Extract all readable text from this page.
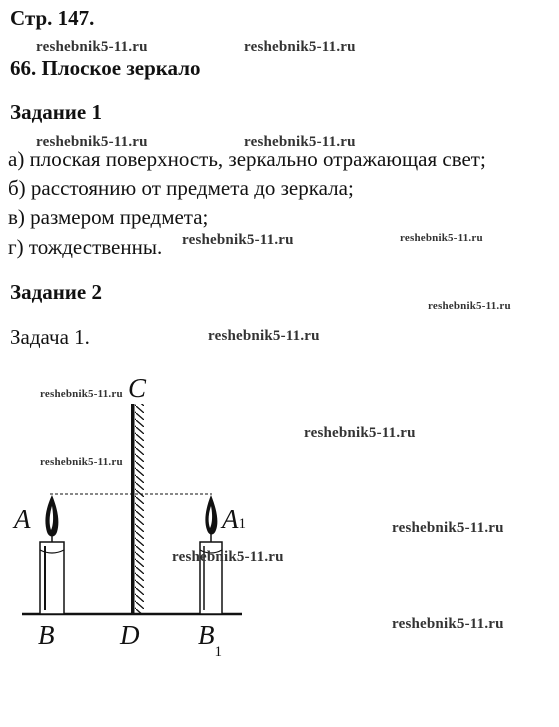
Стр. 147.
66. Плоское зеркало
Задание 1
а) плоская поверхность, зеркально отражающая свет;
б) расстоянию от предмета до зеркала;
в) размером предмета;
г) тождественны.
Задание 2
Задача 1.
C
A	A1
B D $B_1$
reshebnik5-11.ru	reshebnik5-11.ru
reshebnik5-11.ru	reshebnik5-11.ru
reshebnik5-11.ru	reshebnik5-11.ru
reshebnik5-11.ru
reshebnik5-11.ru
reshebnik5-11.ru
reshebnik5-11.ru
reshebnik5-11.ru
reshebnik5-11.ru
reshebnik5-11.ru
reshebnik5-11.ru
